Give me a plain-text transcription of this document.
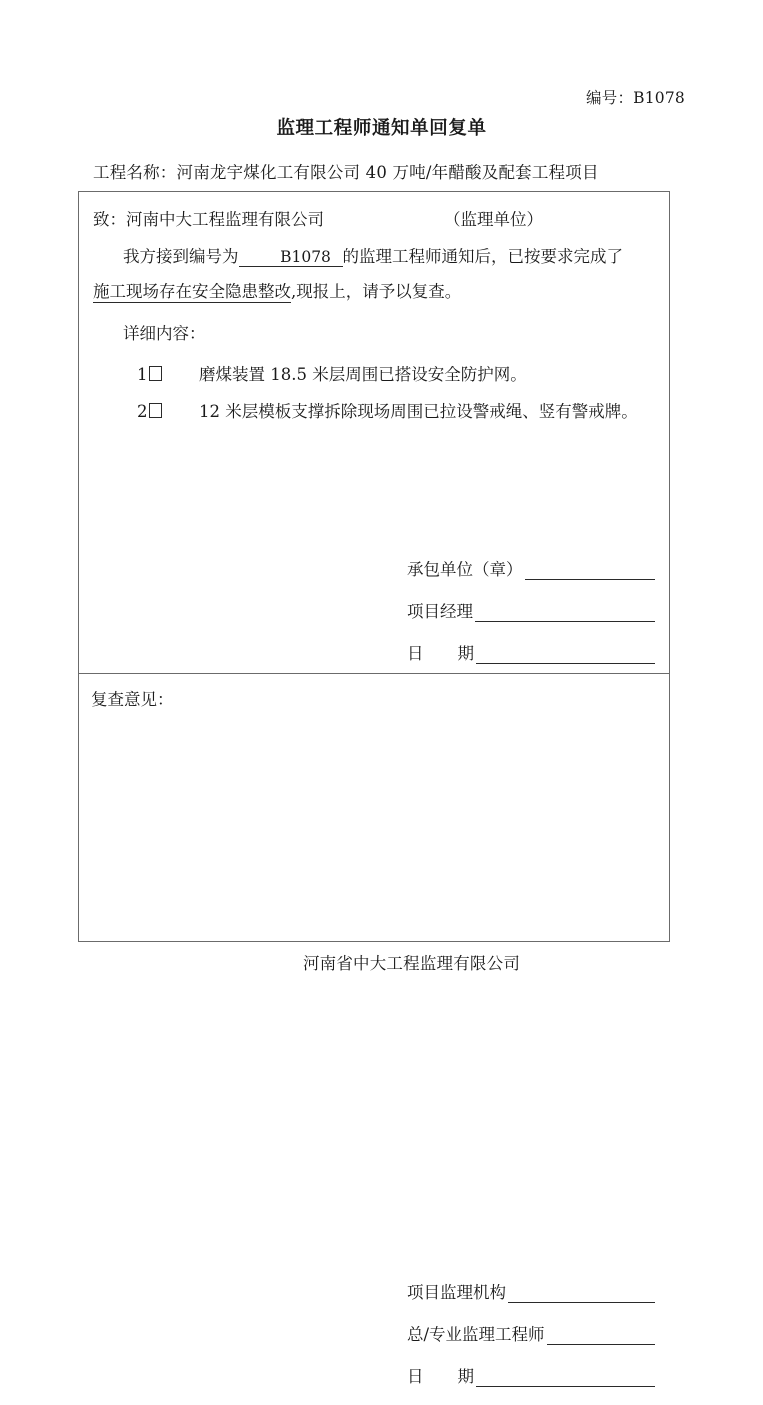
编号：B1078
监理工程师通知单回复单
工程名称：河南龙宇煤化工有限公司 40 万吨/年醋酸及配套工程项目
致：河南中大工程监理有限公司	（监理单位）
我方接到编号为	B1078 的监理工程师通知后，已按要求完成了
施工现场存在安全隐患整改,现报上，请予以复查。
详细内容：
1	磨煤装置 18.5 米层周围已搭设安全防护网。
2	12 米层模板支撑拆除现场周围已拉设警戒绳、竖有警戒牌。
承包单位（章）
项目经理
日 期
复查意见：
项目监理机构
总/专业监理工程师
日 期
河南省中大工程监理有限公司
